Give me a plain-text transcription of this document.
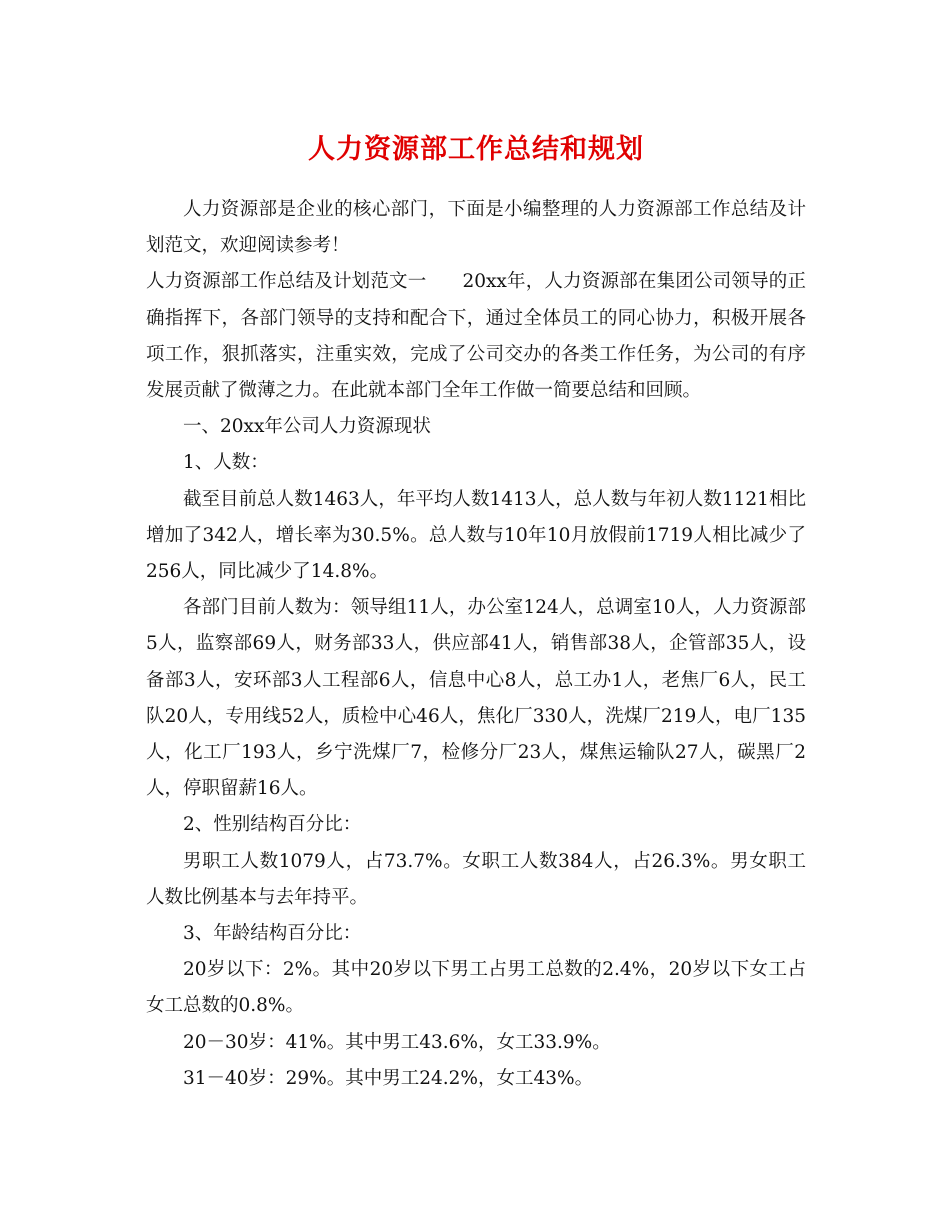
人力资源部工作总结和规划

人力资源部是企业的核心部门，下面是小编整理的人力资源部工作总结及计划范文，欢迎阅读参考！

人力资源部工作总结及计划范文一 20xx年，人力资源部在集团公司领导的正确指挥下，各部门领导的支持和配合下，通过全体员工的同心协力，积极开展各项工作，狠抓落实，注重实效，完成了公司交办的各类工作任务，为公司的有序发展贡献了微薄之力。在此就本部门全年工作做一简要总结和回顾。

一、20xx年公司人力资源现状

1、人数：

截至目前总人数1463人，年平均人数1413人，总人数与年初人数1121相比增加了342人，增长率为30.5%。总人数与10年10月放假前1719人相比减少了256人，同比减少了14.8%。

各部门目前人数为：领导组11人，办公室124人，总调室10人，人力资源部5人，监察部69人，财务部33人，供应部41人，销售部38人，企管部35人，设备部3人，安环部3人工程部6人，信息中心8人，总工办1人，老焦厂6人，民工队20人，专用线52人，质检中心46人，焦化厂330人，洗煤厂219人，电厂135人，化工厂193人，乡宁洗煤厂7，检修分厂23人，煤焦运输队27人，碳黑厂2人，停职留薪16人。

2、性别结构百分比：

男职工人数1079人，占73.7%。女职工人数384人，占26.3%。男女职工人数比例基本与去年持平。

3、年龄结构百分比：

20岁以下：2%。其中20岁以下男工占男工总数的2.4%，20岁以下女工占女工总数的0.8%。

20－30岁：41%。其中男工43.6%，女工33.9%。

31－40岁：29%。其中男工24.2%，女工43%。
